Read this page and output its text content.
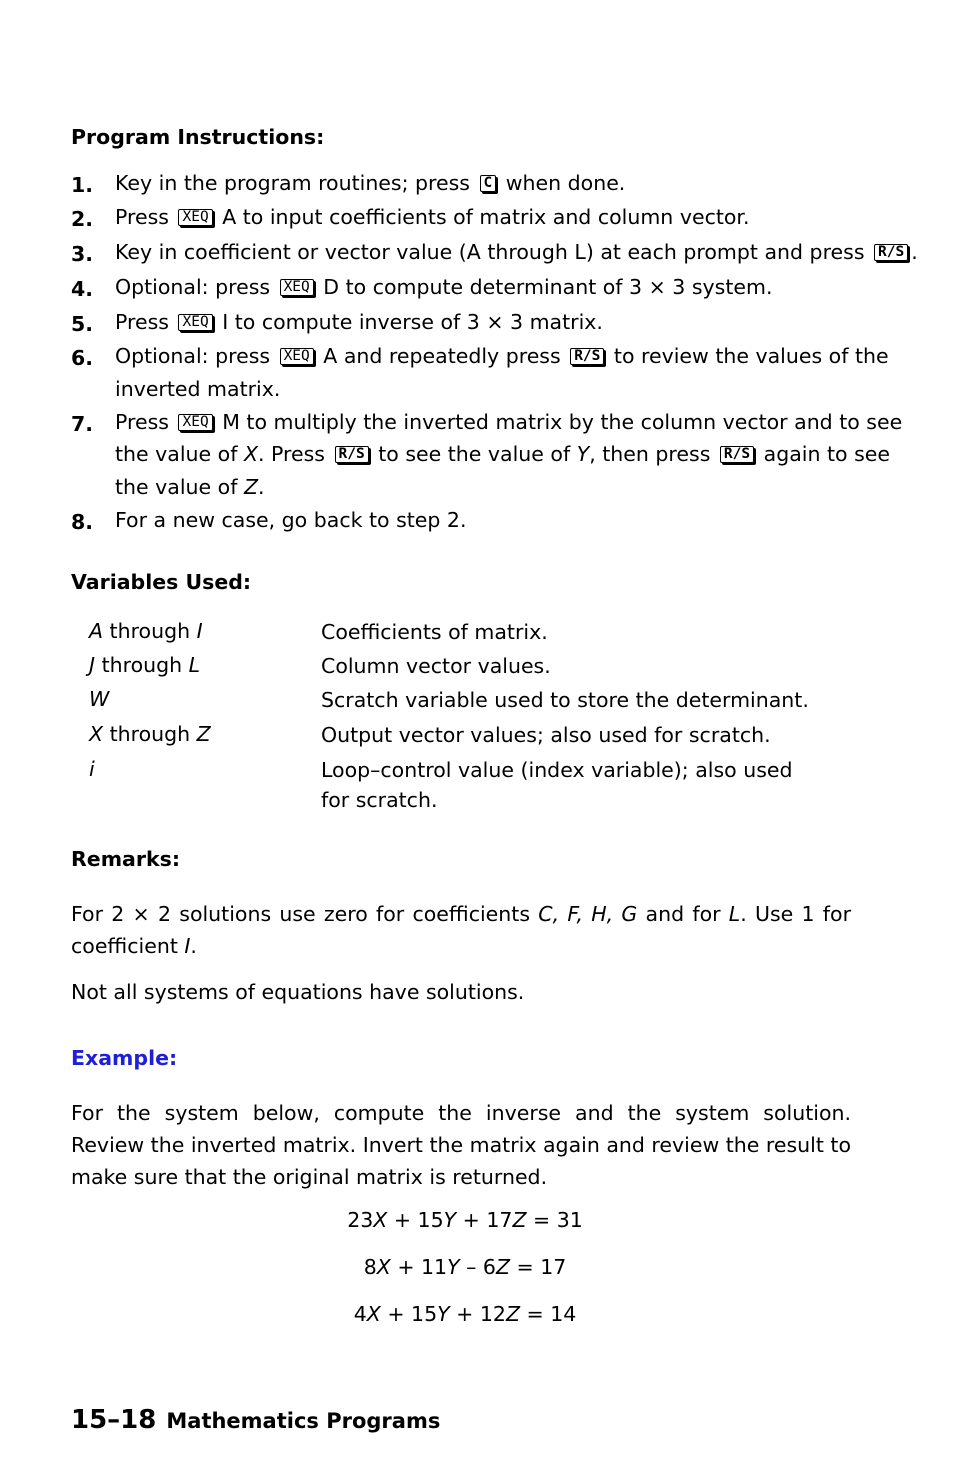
Program Instructions:
1. Key in the program routines; press C when done.
2. Press XEQ A to input coefficients of matrix and column vector.
3. Key in coefficient or vector value (A through L) at each prompt and press R/S .
4. Optional: press XEQ D to compute determinant of 3 × 3 system.
5. Press XEQ I to compute inverse of 3 × 3 matrix.
6. Optional: press XEQ A and repeatedly press R/S to review the values of the
inverted matrix.
7. Press XEQ M to multiply the inverted matrix by the column vector and to see
the value of X. Press R/S to see the value of Y, then press R/S again to see
the value of Z.
8. For a new case, go back to step 2.
Variables Used:
A through I	Coefficients of matrix.
J through L	Column vector values.
W	Scratch variable used to store the determinant.
X through Z	Output vector values; also used for scratch.
i	Loop–control value (index variable); also used for scratch.
Remarks:
For 2 × 2 solutions use zero for coefficients C, F, H, G and for L. Use 1 for coefficient I.
Not all systems of equations have solutions.
Example:
For the system below, compute the inverse and the system solution. Review the inverted matrix. Invert the matrix again and review the result to make sure that the original matrix is returned.
23X + 15Y + 17Z = 31
8X + 11Y – 6Z = 17
4X + 15Y + 12Z = 14
15–18 Mathematics Programs
